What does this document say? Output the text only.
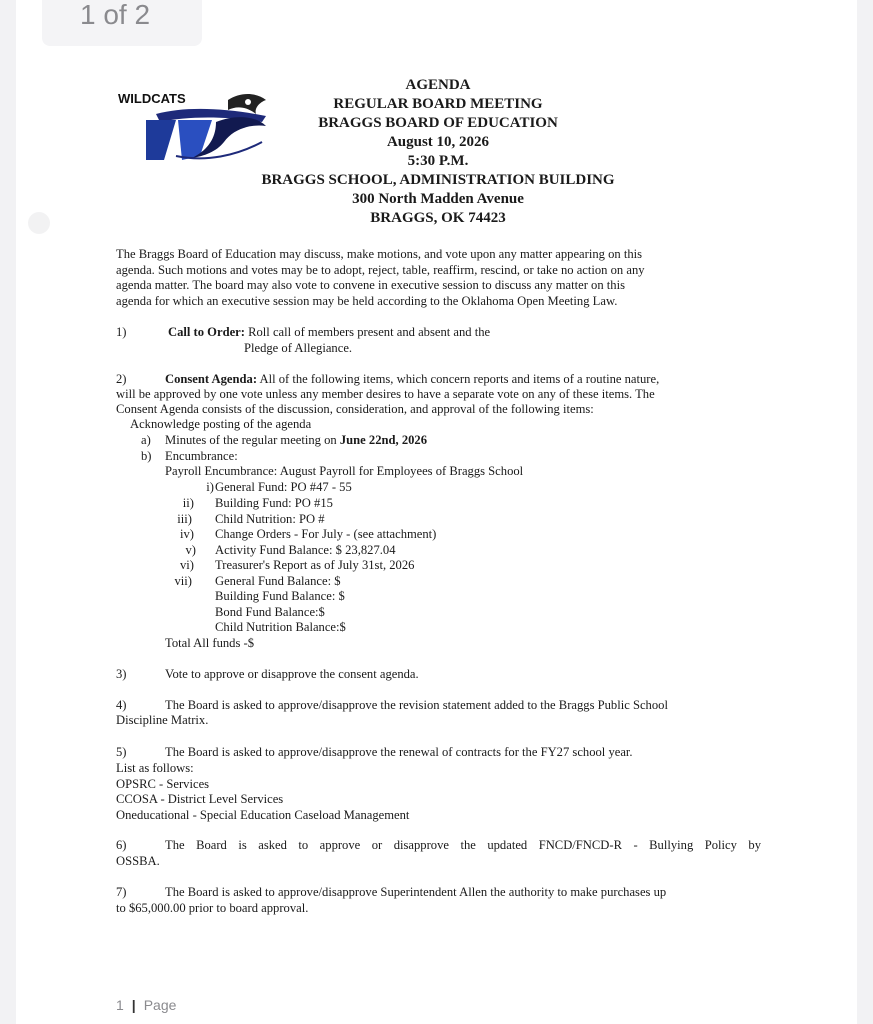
1 of 2
WILDCATS
AGENDA
REGULAR BOARD MEETING
BRAGGS BOARD OF EDUCATION
August 10, 2026
5:30 P.M.
BRAGGS SCHOOL, ADMINISTRATION BUILDING
300 North Madden Avenue
BRAGGS, OK 74423
The Braggs Board of Education may discuss, make motions, and vote upon any matter appearing on this
agenda. Such motions and votes may be to adopt, reject, table, reaffirm, rescind, or take no action on any
agenda matter. The board may also vote to convene in executive session to discuss any matter on this
agenda for which an executive session may be held according to the Oklahoma Open Meeting Law.
1)	Call to Order: Roll call of members present and absent and the
Pledge of Allegiance.
2)	Consent Agenda: All of the following items, which concern reports and items of a routine nature,
will be approved by one vote unless any member desires to have a separate vote on any of these items. The
Consent Agenda consists of the discussion, consideration, and approval of the following items:
Acknowledge posting of the agenda
a) Minutes of the regular meeting on June 22nd, 2026
b) Encumbrance:
Payroll Encumbrance: August Payroll for Employees of Braggs School
i) General Fund: PO #47 - 55
ii) Building Fund: PO #15
iii) Child Nutrition: PO #
iv) Change Orders - For July - (see attachment)
v) Activity Fund Balance: $ 23,827.04
vi) Treasurer's Report as of July 31st, 2026
vii) General Fund Balance: $
Building Fund Balance: $
Bond Fund Balance:$
Child Nutrition Balance:$
Total All funds -$
3)	Vote to approve or disapprove the consent agenda.
4)	The Board is asked to approve/disapprove the revision statement added to the Braggs Public School
Discipline Matrix.
5)	The Board is asked to approve/disapprove the renewal of contracts for the FY27 school year.
List as follows:
OPSRC - Services
CCOSA - District Level Services
Oneducational - Special Education Caseload Management
6)	The Board is asked to approve or disapprove the updated FNCD/FNCD-R - Bullying Policy by
OSSBA.
7)	The Board is asked to approve/disapprove Superintendent Allen the authority to make purchases up
to $65,000.00 prior to board approval.
1 | Page
